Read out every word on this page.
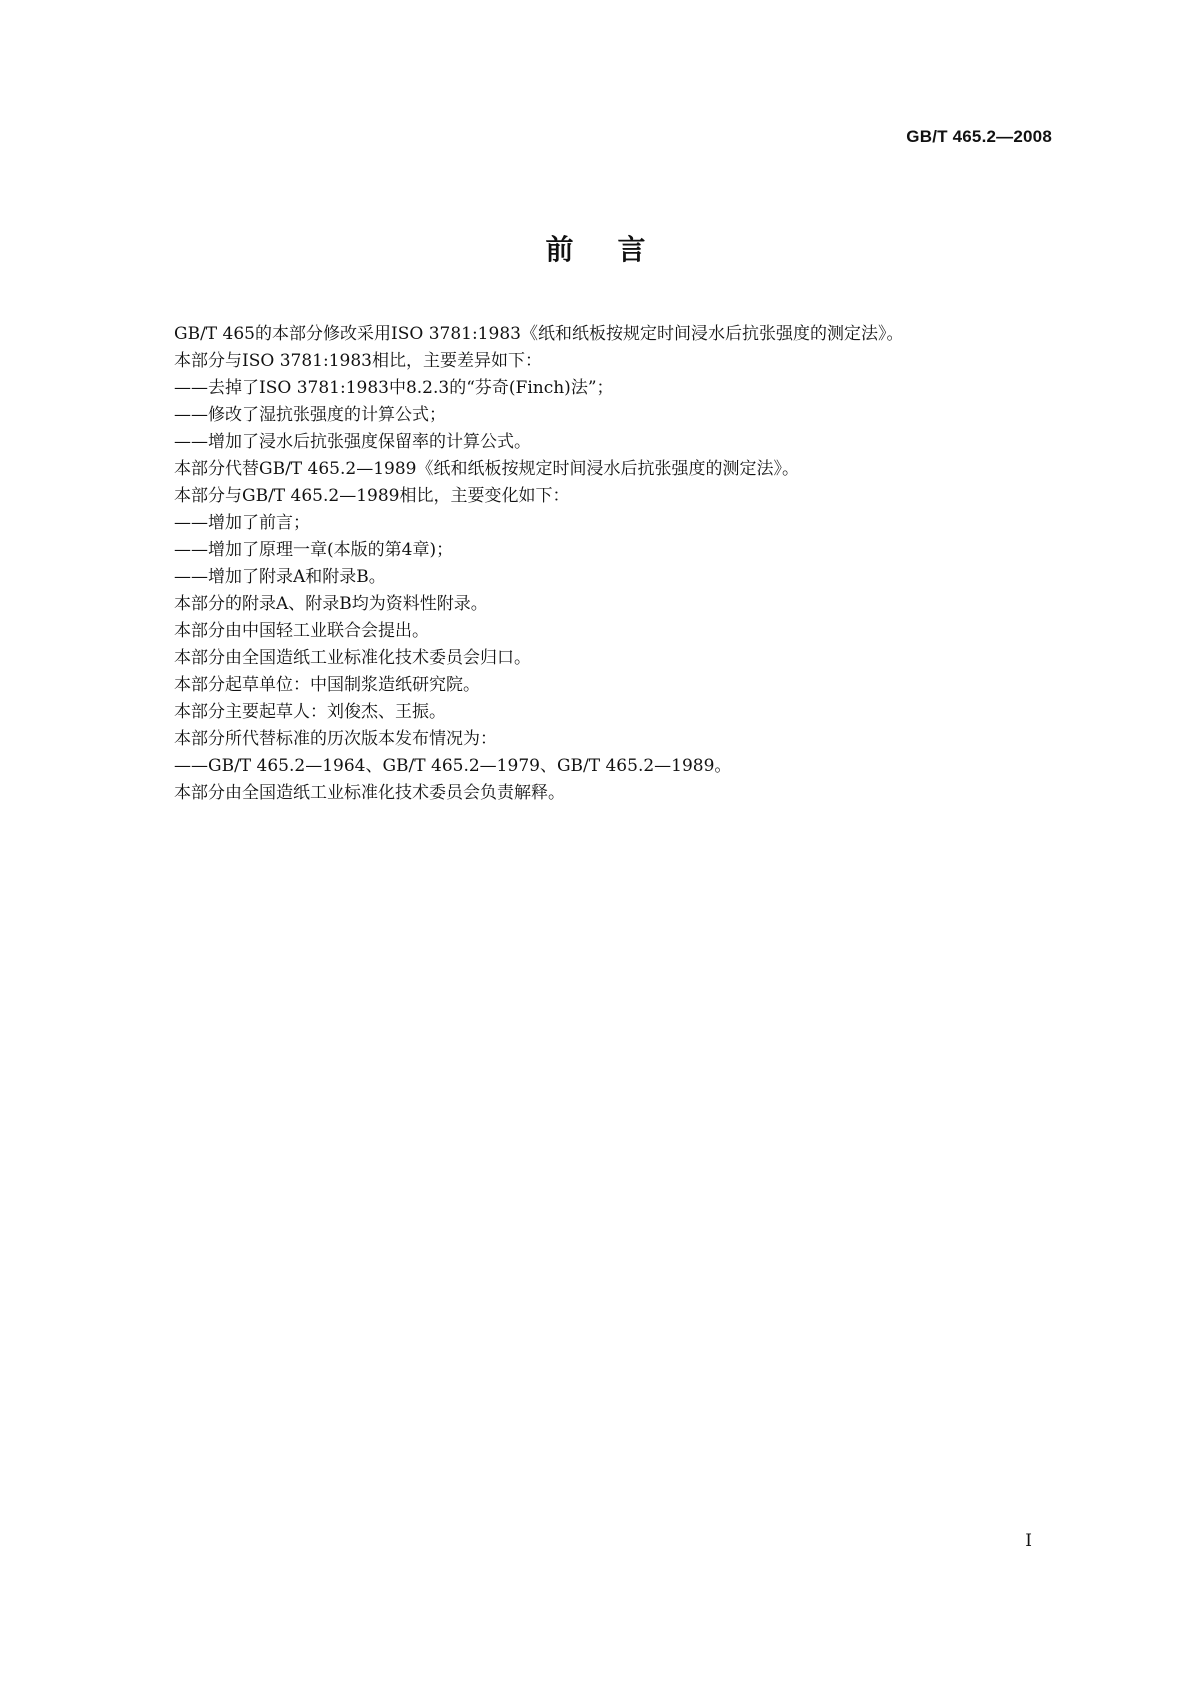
GB/T 465.2—2008
前言
GB/T 465的本部分修改采用ISO 3781:1983《纸和纸板按规定时间浸水后抗张强度的测定法》。
本部分与ISO 3781:1983相比，主要差异如下：
——去掉了ISO 3781:1983中8.2.3的“芬奇(Finch)法”；
——修改了湿抗张强度的计算公式；
——增加了浸水后抗张强度保留率的计算公式。
本部分代替GB/T 465.2—1989《纸和纸板按规定时间浸水后抗张强度的测定法》。
本部分与GB/T 465.2—1989相比，主要变化如下：
——增加了前言；
——增加了原理一章(本版的第4章)；
——增加了附录A和附录B。
本部分的附录A、附录B均为资料性附录。
本部分由中国轻工业联合会提出。
本部分由全国造纸工业标准化技术委员会归口。
本部分起草单位：中国制浆造纸研究院。
本部分主要起草人：刘俊杰、王振。
本部分所代替标准的历次版本发布情况为：
——GB/T 465.2—1964、GB/T 465.2—1979、GB/T 465.2—1989。
本部分由全国造纸工业标准化技术委员会负责解释。
I
